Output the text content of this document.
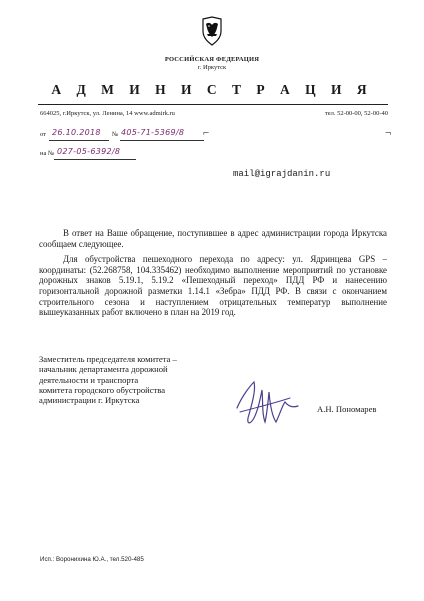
РОССИЙСКАЯ ФЕДЕРАЦИЯ
г. Иркутск
А Д М И Н И С Т Р А Ц И Я
664025, г.Иркутск, ул. Ленина, 14 www.admirk.ru	тел. 52-00-00, 52-00-40
от 26.10.2018 № 405-71-5369/8
на № 027-05-6392/8
⌐	¬
mail@igrajdanin.ru

В ответ на Ваше обращение, поступившее в адрес администрации города Иркутска сообщаем следующее.

Для обустройства пешеходного перехода по адресу: ул. Ядринцева GPS – координаты: (52.268758, 104.335462) необходимо выполнение мероприятий по установке дорожных знаков 5.19.1, 5.19.2 «Пешеходный переход» ПДД РФ и нанесению горизонтальной дорожной разметки 1.14.1 «Зебра» ПДД РФ. В связи с окончанием строительного сезона и наступлением отрицательных температур выполнение вышеуказанных работ включено в план на 2019 год.

Заместитель председателя комитета –
начальник департамента дорожной
деятельности и транспорта
комитета городского обустройства
администрации г. Иркутска
А.Н. Пономарев
Исп.: Воронихина Ю.А., тел.520-485
